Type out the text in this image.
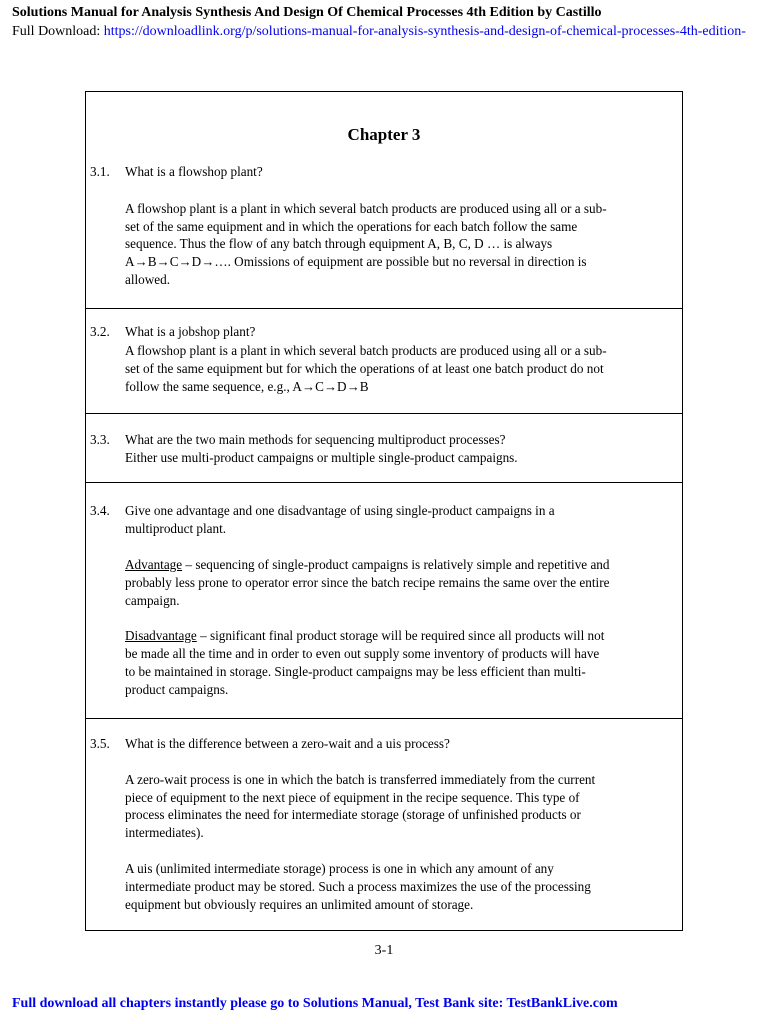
Solutions Manual for Analysis Synthesis And Design Of Chemical Processes 4th Edition by Castillo
Full Download: https://downloadlink.org/p/solutions-manual-for-analysis-synthesis-and-design-of-chemical-processes-4th-edition-
Chapter 3
3.1. What is a flowshop plant?
A flowshop plant is a plant in which several batch products are produced using all or a sub-
set of the same equipment and in which the operations for each batch follow the same
sequence. Thus the flow of any batch through equipment A, B, C, D … is always
A→B→C→D→…. Omissions of equipment are possible but no reversal in direction is
allowed.
3.2. What is a jobshop plant?
A flowshop plant is a plant in which several batch products are produced using all or a sub-
set of the same equipment but for which the operations of at least one batch product do not
follow the same sequence, e.g., A→C→D→B
3.3. What are the two main methods for sequencing multiproduct processes?
Either use multi-product campaigns or multiple single-product campaigns.
3.4. Give one advantage and one disadvantage of using single-product campaigns in a
multiproduct plant.
Advantage – sequencing of single-product campaigns is relatively simple and repetitive and
probably less prone to operator error since the batch recipe remains the same over the entire
campaign.
Disadvantage – significant final product storage will be required since all products will not
be made all the time and in order to even out supply some inventory of products will have
to be maintained in storage. Single-product campaigns may be less efficient than multi-
product campaigns.
3.5. What is the difference between a zero-wait and a uis process?
A zero-wait process is one in which the batch is transferred immediately from the current
piece of equipment to the next piece of equipment in the recipe sequence. This type of
process eliminates the need for intermediate storage (storage of unfinished products or
intermediates).
A uis (unlimited intermediate storage) process is one in which any amount of any
intermediate product may be stored. Such a process maximizes the use of the processing
equipment but obviously requires an unlimited amount of storage.
3-1
Full download all chapters instantly please go to Solutions Manual, Test Bank site: TestBankLive.com
